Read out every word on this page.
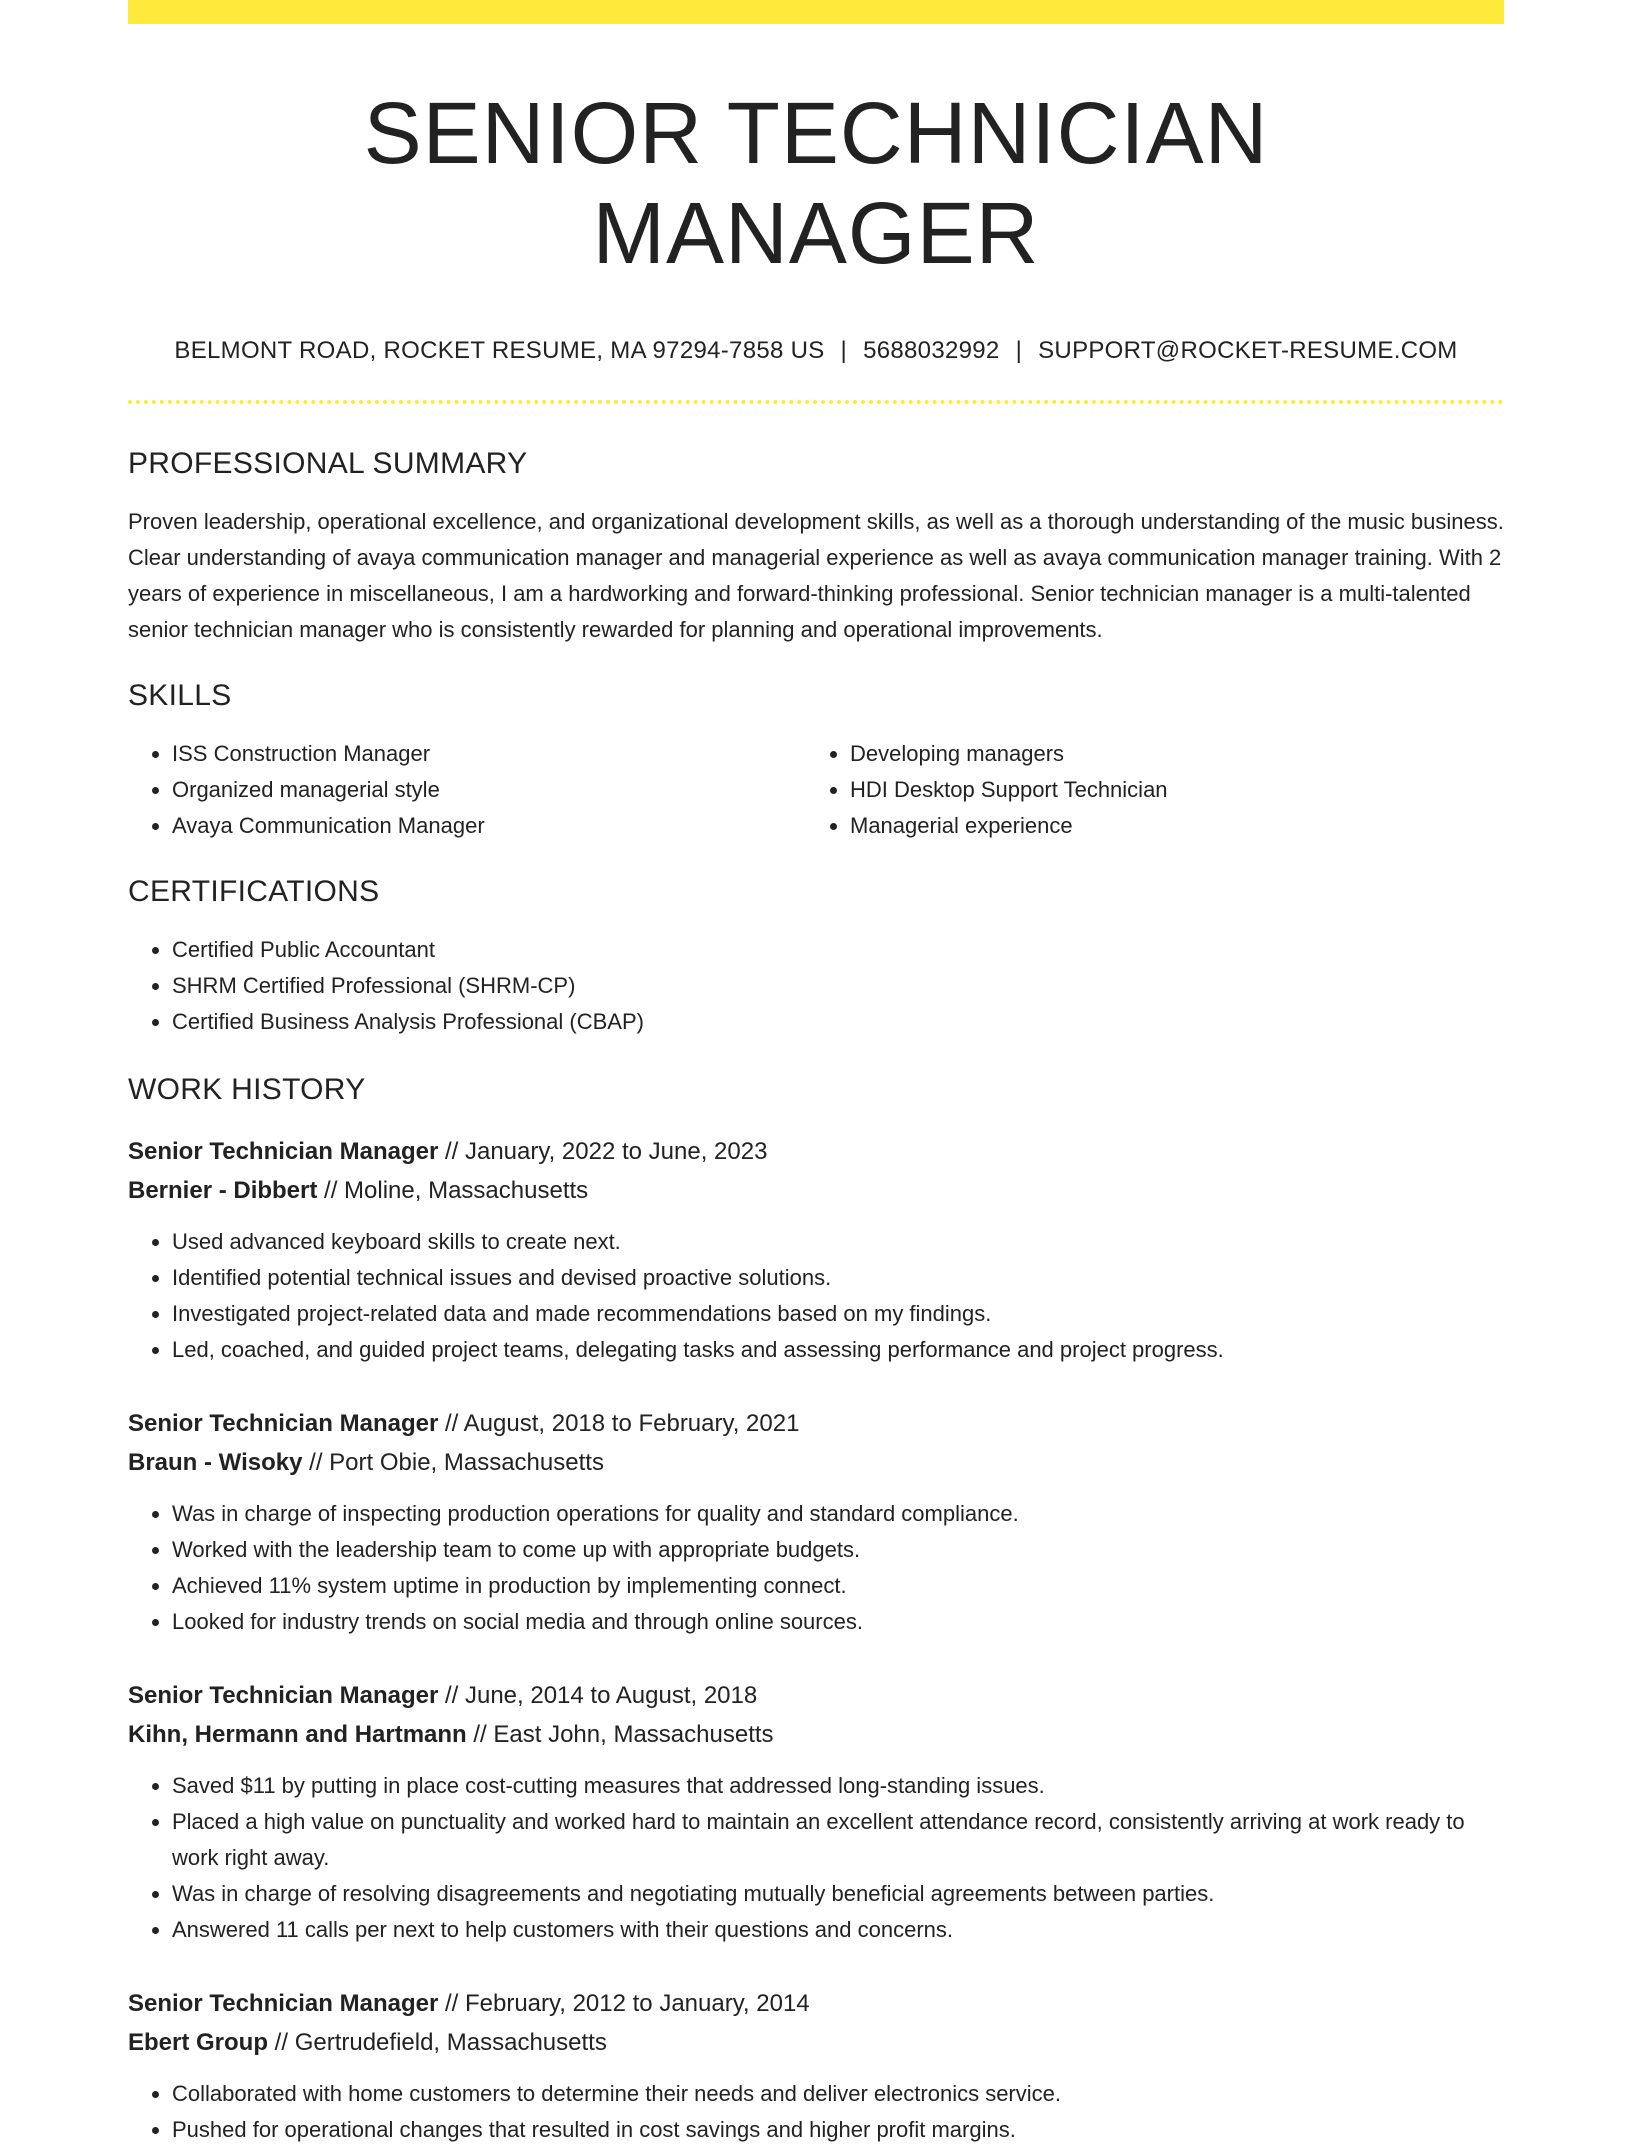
SENIOR TECHNICIAN MANAGER
BELMONT ROAD, ROCKET RESUME, MA 97294-7858 US | 5688032992 | SUPPORT@ROCKET-RESUME.COM
PROFESSIONAL SUMMARY

Proven leadership, operational excellence, and organizational development skills, as well as a thorough understanding of the music business. Clear understanding of avaya communication manager and managerial experience as well as avaya communication manager training. With 2 years of experience in miscellaneous, I am a hardworking and forward-thinking professional. Senior technician manager is a multi-talented senior technician manager who is consistently rewarded for planning and operational improvements.

SKILLS
• ISS Construction Manager
• Organized managerial style
• Avaya Communication Manager
• Developing managers
• HDI Desktop Support Technician
• Managerial experience
CERTIFICATIONS
• Certified Public Accountant
• SHRM Certified Professional (SHRM-CP)
• Certified Business Analysis Professional (CBAP)
WORK HISTORY
Senior Technician Manager // January, 2022 to June, 2023
Bernier - Dibbert // Moline, Massachusetts
• Used advanced keyboard skills to create next.
• Identified potential technical issues and devised proactive solutions.
• Investigated project-related data and made recommendations based on my findings.
• Led, coached, and guided project teams, delegating tasks and assessing performance and project progress.
Senior Technician Manager // August, 2018 to February, 2021
Braun - Wisoky // Port Obie, Massachusetts
• Was in charge of inspecting production operations for quality and standard compliance.
• Worked with the leadership team to come up with appropriate budgets.
• Achieved 11% system uptime in production by implementing connect.
• Looked for industry trends on social media and through online sources.
Senior Technician Manager // June, 2014 to August, 2018
Kihn, Hermann and Hartmann // East John, Massachusetts
• Saved $11 by putting in place cost-cutting measures that addressed long-standing issues.
• Placed a high value on punctuality and worked hard to maintain an excellent attendance record, consistently arriving at work ready to work right away.
• Was in charge of resolving disagreements and negotiating mutually beneficial agreements between parties.
• Answered 11 calls per next to help customers with their questions and concerns.
Senior Technician Manager // February, 2012 to January, 2014
Ebert Group // Gertrudefield, Massachusetts
• Collaborated with home customers to determine their needs and deliver electronics service.
• Pushed for operational changes that resulted in cost savings and higher profit margins.
